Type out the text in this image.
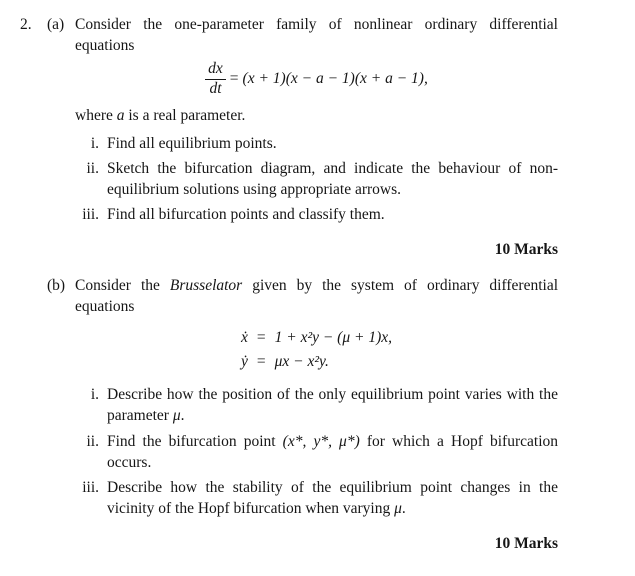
2. (a) Consider the one-parameter family of nonlinear ordinary differential equations

$\frac{dx}{dt} = (x + 1)(x - a - 1)(x + a - 1)$,

where a is a real parameter.

i. Find all equilibrium points.
ii. Sketch the bifurcation diagram, and indicate the behaviour of non-equilibrium solutions using appropriate arrows.
iii. Find all bifurcation points and classify them.
10 Marks
(b) Consider the Brusselator given by the system of ordinary differential equations

ẋ = 1 + x²y − (μ + 1)x,
ẏ = μx − x²y.
i. Describe how the position of the only equilibrium point varies with the parameter μ.
ii. Find the bifurcation point (x*, y*, μ*) for which a Hopf bifurcation occurs.
iii. Describe how the stability of the equilibrium point changes in the vicinity of the Hopf bifurcation when varying μ.
10 Marks
